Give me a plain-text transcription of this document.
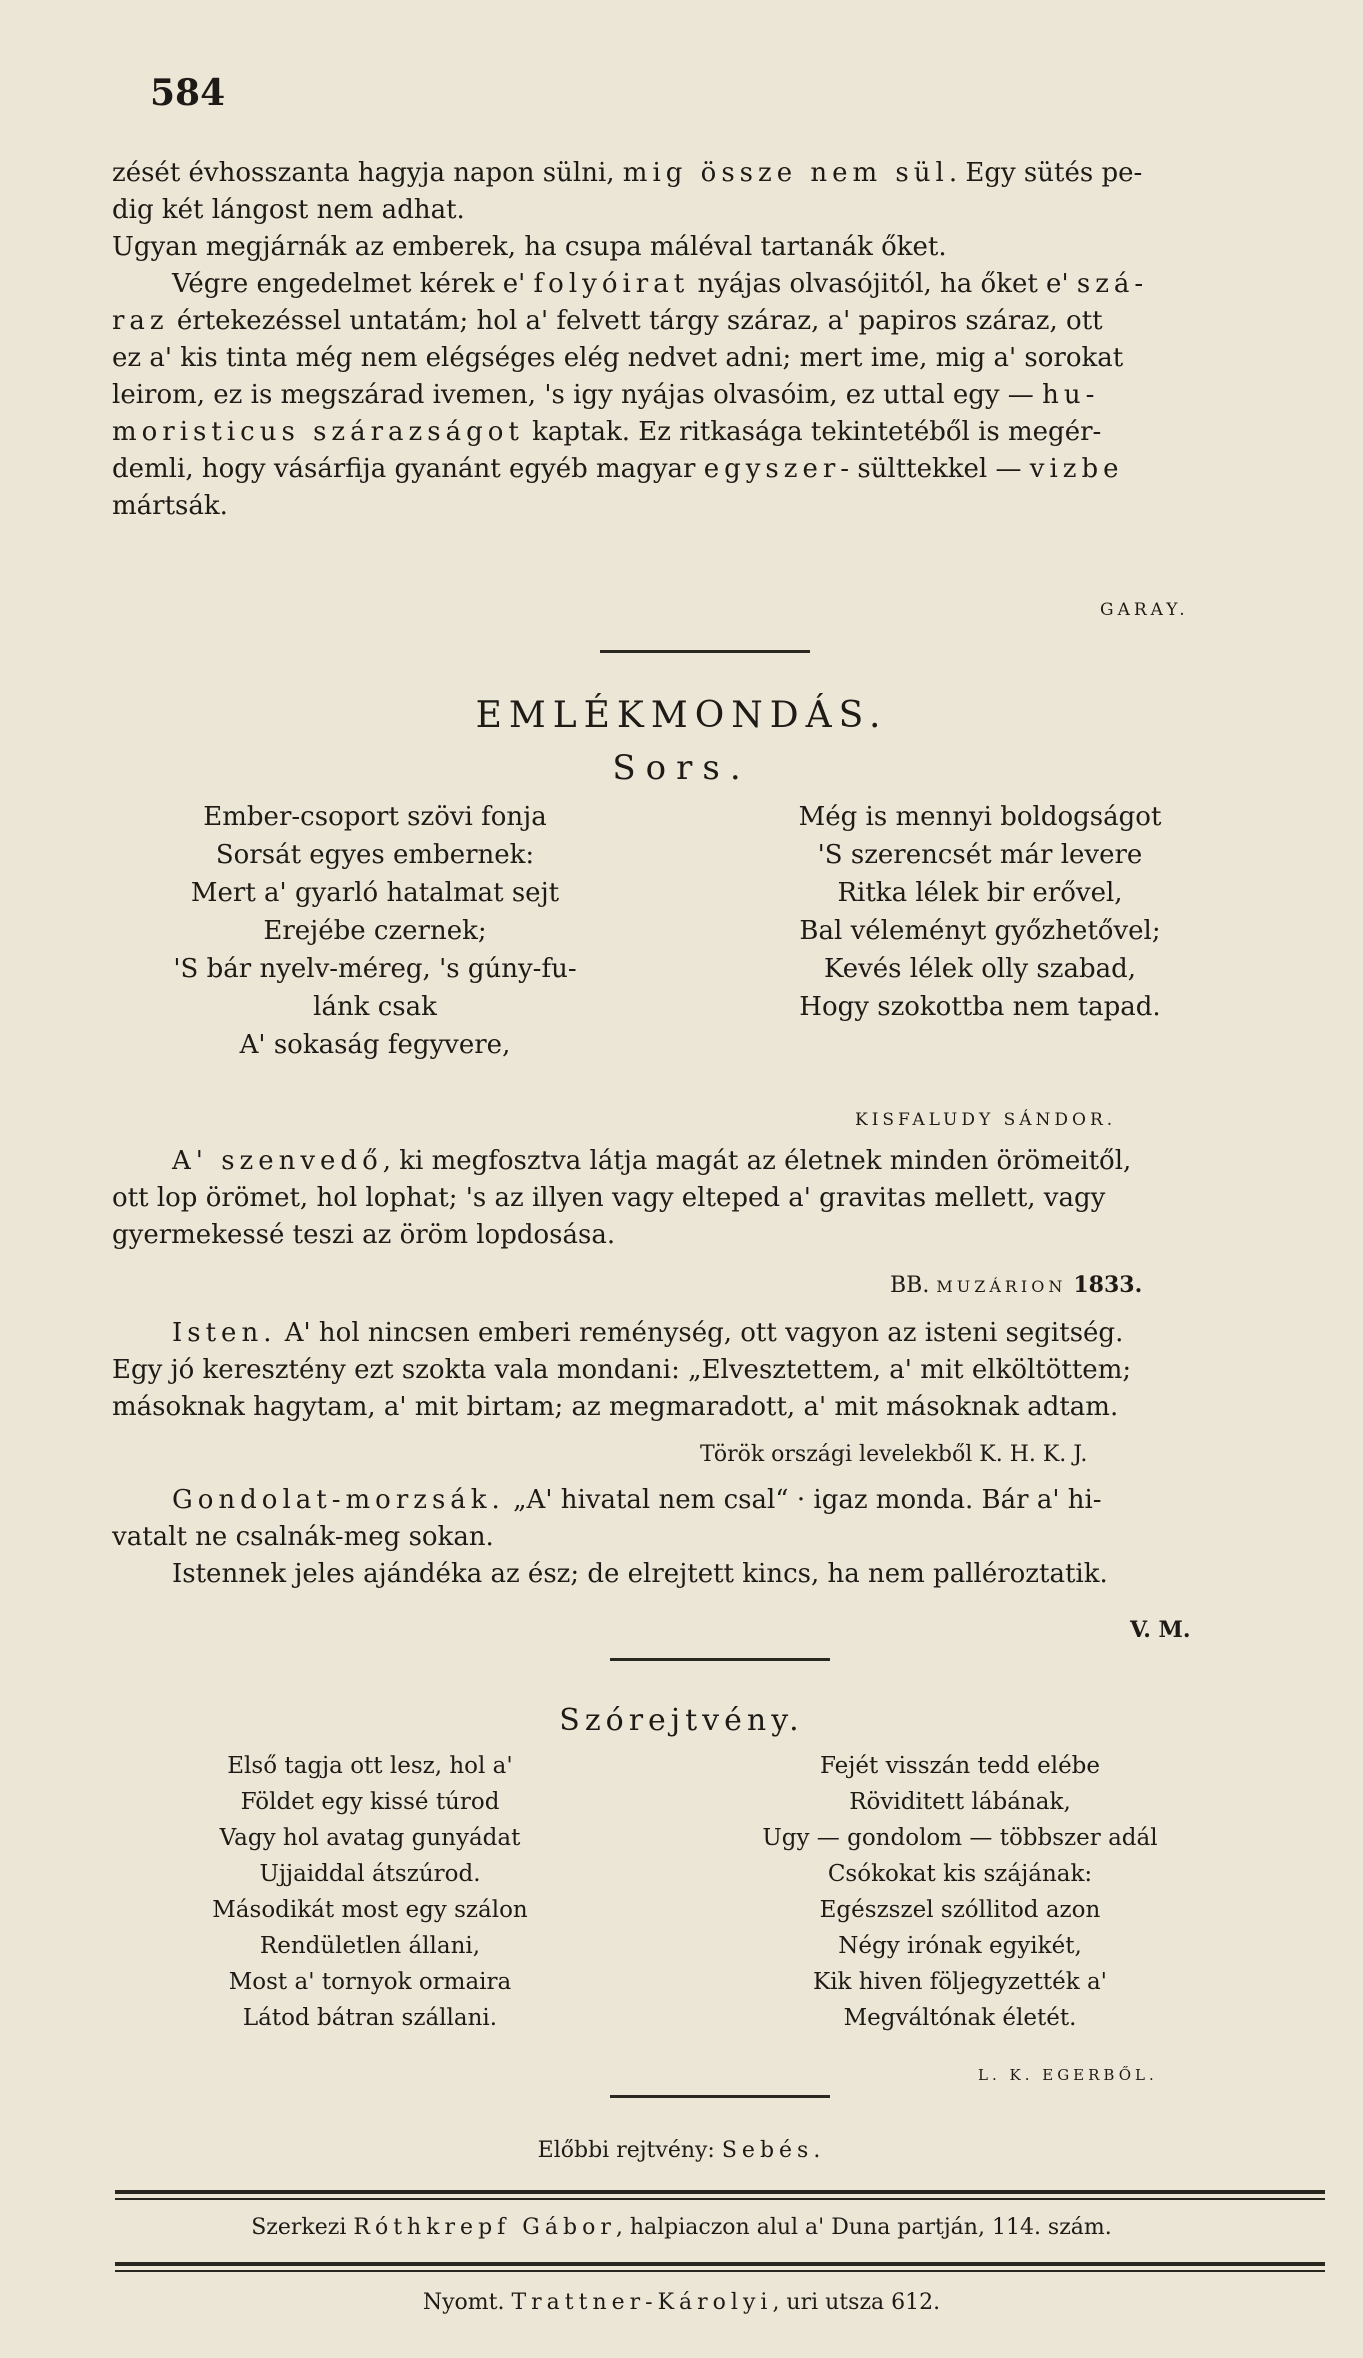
584
zését évhosszanta hagyja napon sülni, mig össze nem sül. Egy sütés pe-
dig két lángost nem adhat.
Ugyan megjárnák az emberek, ha csupa máléval tartanák őket.
Végre engedelmet kérek e' folyóirat nyájas olvasójitól, ha őket e' szá-
raz értekezéssel untatám; hol a' felvett tárgy száraz, a' papiros száraz, ott
ez a' kis tinta még nem elégséges elég nedvet adni; mert ime, mig a' sorokat
leirom, ez is megszárad ivemen, 's igy nyájas olvasóim, ez uttal egy — hu-
moristicus szárazságot kaptak. Ez ritkasága tekintetéből is megér-
demli, hogy vásárfija gyanánt egyéb magyar egyszer- sülttekkel — vizbe
mártsák.
GARAY.
EMLÉKMONDÁS.
Sors.
Ember-csoport szövi fonja
Sorsát egyes embernek:
Mert a' gyarló hatalmat sejt
Erejébe czernek;
'S bár nyelv-méreg, 's gúny-fu-
lánk csak
A' sokaság fegyvere,
Még is mennyi boldogságot
'S szerencsét már levere
Ritka lélek bir erővel,
Bal véleményt győzhetővel;
Kevés lélek olly szabad,
Hogy szokottba nem tapad.
KISFALUDY SÁNDOR.
A' szenvedő, ki megfosztva látja magát az életnek minden örömeitől,
ott lop örömet, hol lophat; 's az illyen vagy elteped a' gravitas mellett, vagy
gyermekessé teszi az öröm lopdosása.
BB. MUZÁRION 1833.
Isten. A' hol nincsen emberi reménység, ott vagyon az isteni segitség.
Egy jó keresztény ezt szokta vala mondani: „Elvesztettem, a' mit elköltöttem;
másoknak hagytam, a' mit birtam; az megmaradott, a' mit másoknak adtam.
Török országi levelekből K. H. K. J.
Gondolat-morzsák. „A' hivatal nem csal“ · igaz monda. Bár a' hi-
vatalt ne csalnák-meg sokan.
Istennek jeles ajándéka az ész; de elrejtett kincs, ha nem palléroztatik.
V. M.
Szórejtvény.
Első tagja ott lesz, hol a'
Földet egy kissé túrod
Vagy hol avatag gunyádat
Ujjaiddal átszúrod.
Másodikát most egy szálon
Rendületlen állani,
Most a' tornyok ormaira
Látod bátran szállani.
Fejét visszán tedd elébe
Röviditett lábának,
Ugy — gondolom — többszer adál
Csókokat kis szájának:
Egészszel szóllitod azon
Négy irónak egyikét,
Kik hiven följegyzették a'
Megváltónak életét.
L. K. EGERBŐL.
Előbbi rejtvény: Sebés.
Szerkezi Róthkrepf Gábor, halpiaczon alul a' Duna partján, 114. szám.
Nyomt. Trattner-Károlyi, uri utsza 612.
